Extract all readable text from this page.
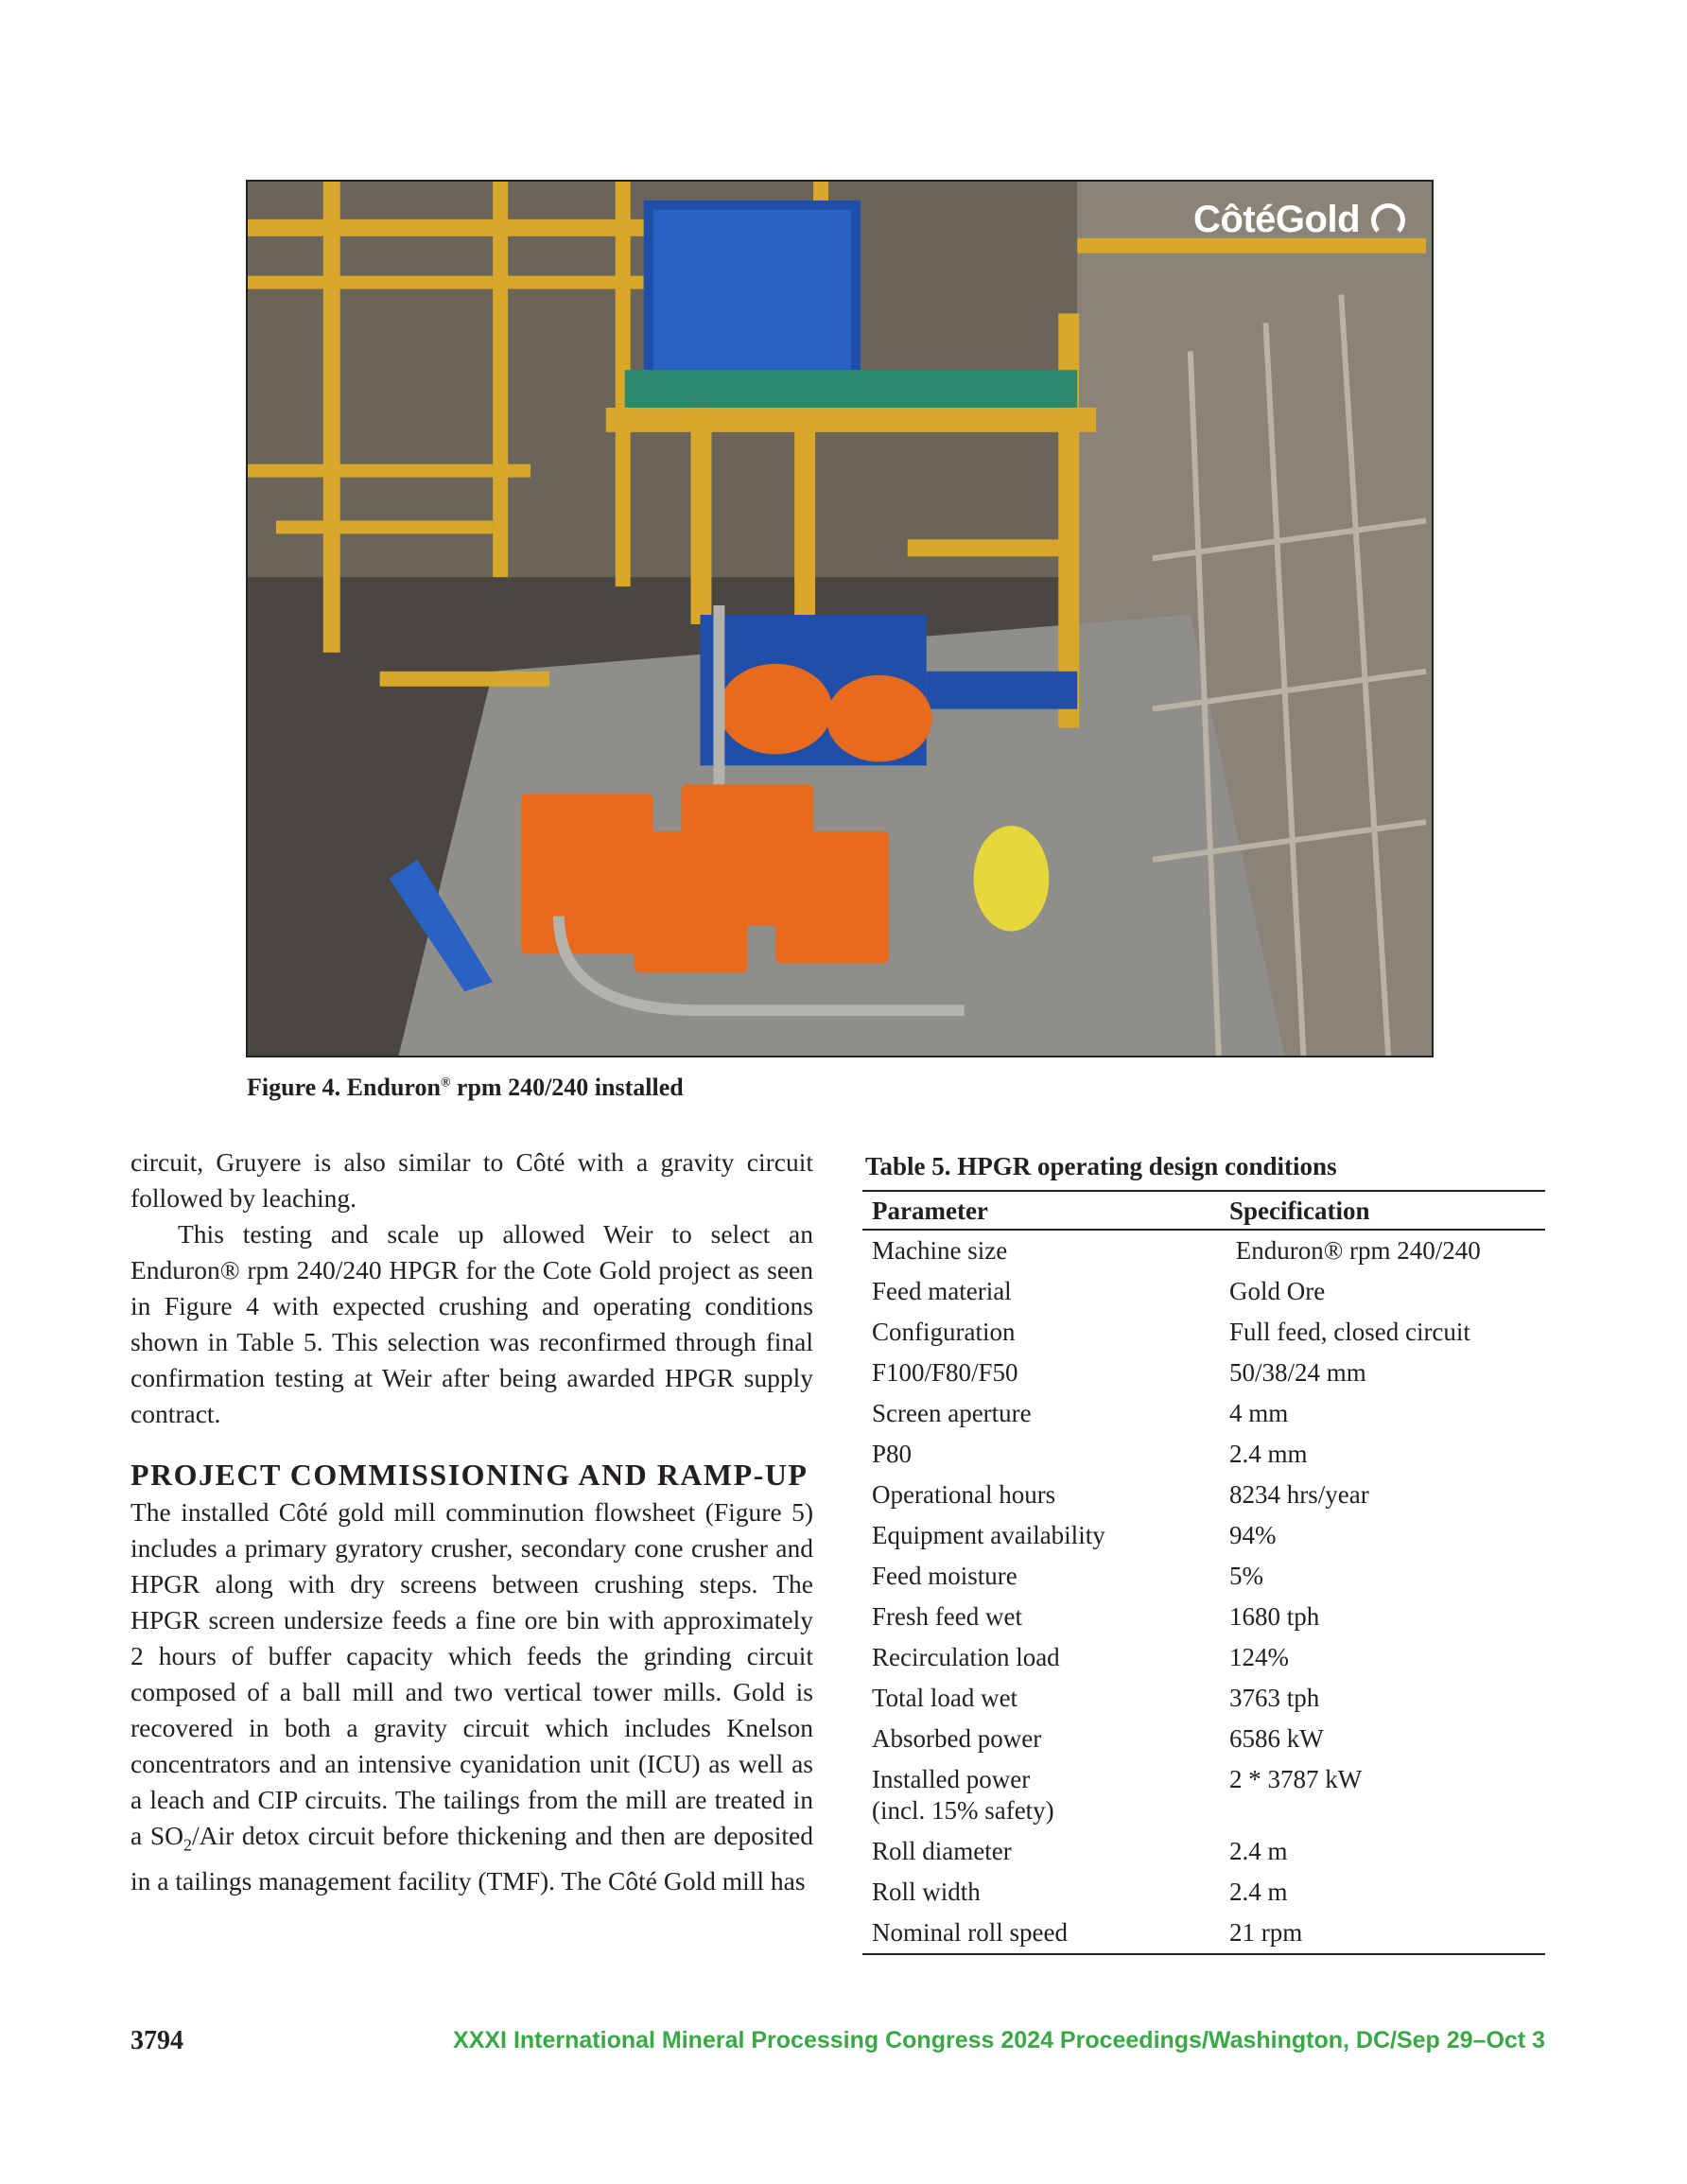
CôtéGold
Figure 4. Enduron® rpm 240/240 installed

circuit, Gruyere is also similar to Côté with a gravity circuit followed by leaching.

This testing and scale up allowed Weir to select an Enduron® rpm 240/240 HPGR for the Cote Gold project as seen in Figure 4 with expected crushing and operating conditions shown in Table 5. This selection was reconfirmed through final confirmation testing at Weir after being awarded HPGR supply contract.

PROJECT COMMISSIONING AND RAMP-UP

The installed Côté gold mill comminution flowsheet (Figure 5) includes a primary gyratory crusher, secondary cone crusher and HPGR along with dry screens between crushing steps. The HPGR screen undersize feeds a fine ore bin with approximately 2 hours of buffer capacity which feeds the grinding circuit composed of a ball mill and two vertical tower mills. Gold is recovered in both a gravity circuit which includes Knelson concentrators and an intensive cyanidation unit (ICU) as well as a leach and CIP circuits. The tailings from the mill are treated in a $SO_2$/Air detox circuit before thickening and then are deposited in a tailings management facility (TMF). The Côté Gold mill has

Table 5. HPGR operating design conditions
Parameter	Specification
Machine size	Enduron® rpm 240/240
Feed material	Gold Ore
Configuration	Full feed, closed circuit
F100/F80/F50	50/38/24 mm
Screen aperture	4 mm
P80	2.4 mm
Operational hours	8234 hrs/year
Equipment availability	94%
Feed moisture	5%
Fresh feed wet	1680 tph
Recirculation load	124%
Total load wet	3763 tph
Absorbed power	6586 kW
Installed power
(incl. 15% safety)	2 * 3787 kW
Roll diameter	2.4 m
Roll width	2.4 m
Nominal roll speed	21 rpm
3794	XXXI International Mineral Processing Congress 2024 Proceedings/Washington, DC/Sep 29–Oct 3
